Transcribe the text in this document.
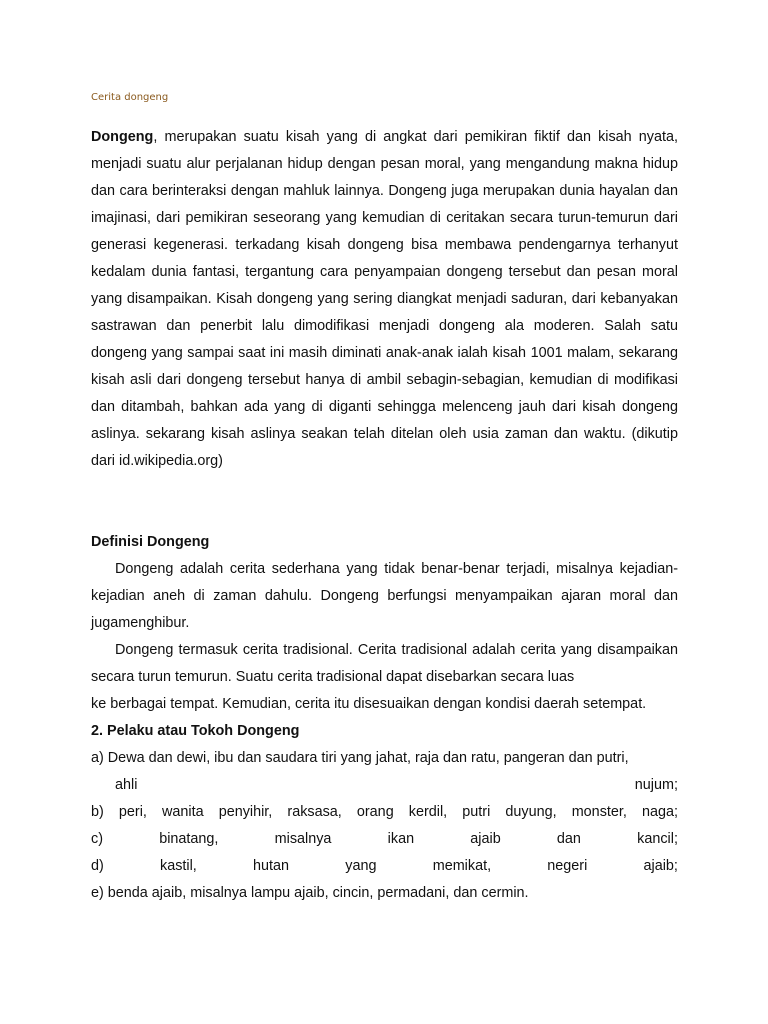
Cerita dongeng

Dongeng, merupakan suatu kisah yang di angkat dari pemikiran fiktif dan kisah nyata, menjadi suatu alur perjalanan hidup dengan pesan moral, yang mengandung makna hidup dan cara berinteraksi dengan mahluk lainnya. Dongeng juga merupakan dunia hayalan dan imajinasi, dari pemikiran seseorang yang kemudian di ceritakan secara turun-temurun dari generasi kegenerasi. terkadang kisah dongeng bisa membawa pendengarnya terhanyut kedalam dunia fantasi, tergantung cara penyampaian dongeng tersebut dan pesan moral yang disampaikan. Kisah dongeng yang sering diangkat menjadi saduran, dari kebanyakan sastrawan dan penerbit lalu dimodifikasi menjadi dongeng ala moderen. Salah satu dongeng yang sampai saat ini masih diminati anak-anak ialah kisah 1001 malam, sekarang kisah asli dari dongeng tersebut hanya di ambil sebagin-sebagian, kemudian di modifikasi dan ditambah, bahkan ada yang di diganti sehingga melenceng jauh dari kisah dongeng aslinya. sekarang kisah aslinya seakan telah ditelan oleh usia zaman dan waktu. (dikutip dari id.wikipedia.org)

Definisi Dongeng

Dongeng adalah cerita sederhana yang tidak benar-benar terjadi, misalnya kejadian-kejadian aneh di zaman dahulu. Dongeng berfungsi menyampaikan ajaran moral dan jugamenghibur.

Dongeng termasuk cerita tradisional. Cerita tradisional adalah cerita yang disampaikan secara turun temurun. Suatu cerita tradisional dapat disebarkan secara luas

ke berbagai tempat. Kemudian, cerita itu disesuaikan dengan kondisi daerah setempat.

2. Pelaku atau Tokoh Dongeng
a) Dewa dan dewi, ibu dan saudara tiri yang jahat, raja dan ratu, pangeran dan putri,
ahli	nujum;
b) peri, wanita penyihir, raksasa, orang kerdil, putri duyung, monster, naga;
c)	binatang,	misalnya	ikan	ajaib	dan	kancil;
d)	kastil,	hutan	yang	memikat,	negeri	ajaib;
e) benda ajaib, misalnya lampu ajaib, cincin, permadani, dan cermin.
